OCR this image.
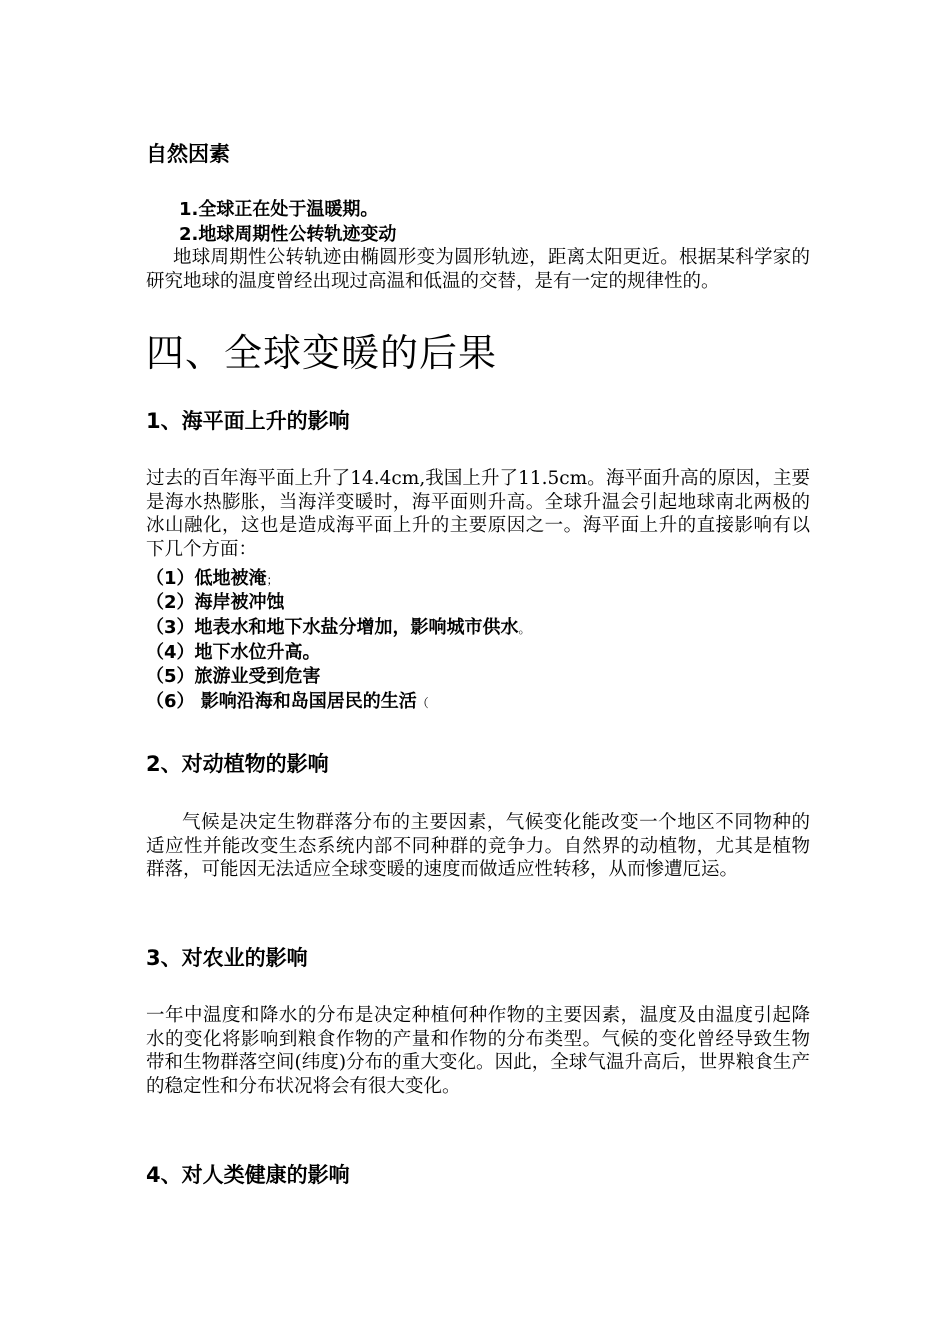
自然因素
1.全球正在处于温暖期。
2.地球周期性公转轨迹变动
地球周期性公转轨迹由椭圆形变为圆形轨迹，距离太阳更近。根据某科学家的研究地球的温度曾经出现过高温和低温的交替，是有一定的规律性的。
四、全球变暖的后果
1、海平面上升的影响
过去的百年海平面上升了14.4cm,我国上升了11.5cm。海平面升高的原因，主要是海水热膨胀，当海洋变暖时，海平面则升高。全球升温会引起地球南北两极的冰山融化，这也是造成海平面上升的主要原因之一。海平面上升的直接影响有以下几个方面：
（1）低地被淹；
（2）海岸被冲蚀
（3）地表水和地下水盐分增加，影响城市供水。
（4）地下水位升高。
（5）旅游业受到危害
（6） 影响沿海和岛国居民的生活（
2、对动植物的影响
气候是决定生物群落分布的主要因素，气候变化能改变一个地区不同物种的适应性并能改变生态系统内部不同种群的竞争力。自然界的动植物，尤其是植物群落，可能因无法适应全球变暖的速度而做适应性转移，从而惨遭厄运。
3、对农业的影响
一年中温度和降水的分布是决定种植何种作物的主要因素，温度及由温度引起降水的变化将影响到粮食作物的产量和作物的分布类型。气候的变化曾经导致生物带和生物群落空间(纬度)分布的重大变化。因此，全球气温升高后，世界粮食生产的稳定性和分布状况将会有很大变化。
4、对人类健康的影响
